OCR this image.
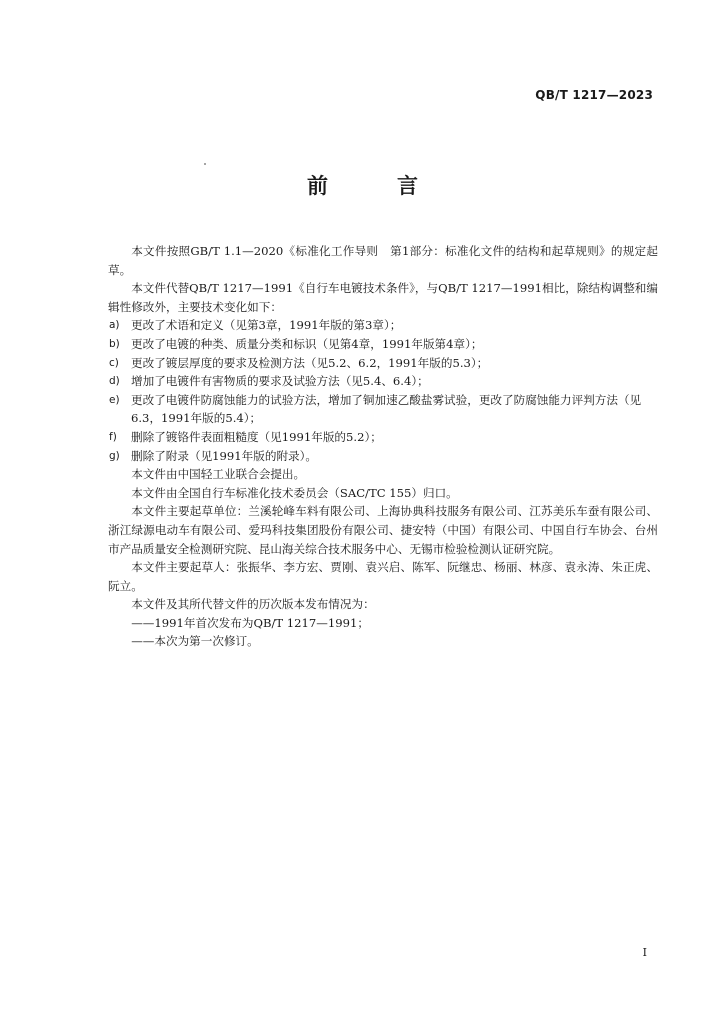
QB/T 1217—2023
前　言

本文件按照GB/T 1.1—2020《标准化工作导则　第1部分：标准化文件的结构和起草规则》的规定起草。

本文件代替QB/T 1217—1991《自行车电镀技术条件》，与QB/T 1217—1991相比，除结构调整和编辑性修改外，主要技术变化如下：

a) 更改了术语和定义（见第3章，1991年版的第3章）；
b) 更改了电镀的种类、质量分类和标识（见第4章，1991年版第4章）；
c)	更改了镀层厚度的要求及检测方法（见5.2、6.2，1991年版的5.3）；
d) 增加了电镀件有害物质的要求及试验方法（见5.4、6.4）；
e) 更改了电镀件防腐蚀能力的试验方法，增加了铜加速乙酸盐雾试验，更改了防腐蚀能力评判方法（见6.3，1991年版的5.4）；
f)	删除了镀铬件表面粗糙度（见1991年版的5.2）；
g) 删除了附录（见1991年版的附录）。

本文件由中国轻工业联合会提出。

本文件由全国自行车标准化技术委员会（SAC/TC 155）归口。

本文件主要起草单位：兰溪轮峰车料有限公司、上海协典科技服务有限公司、江苏美乐车蚕有限公司、浙江绿源电动车有限公司、爱玛科技集团股份有限公司、捷安特（中国）有限公司、中国自行车协会、台州市产品质量安全检测研究院、昆山海关综合技术服务中心、无锡市检验检测认证研究院。

本文件主要起草人：张振华、李方宏、贾刚、袁兴启、陈军、阮继忠、杨丽、林彦、袁永涛、朱正虎、阮立。

本文件及其所代替文件的历次版本发布情况为：

——1991年首次发布为QB/T 1217—1991；

——本次为第一次修订。

I
